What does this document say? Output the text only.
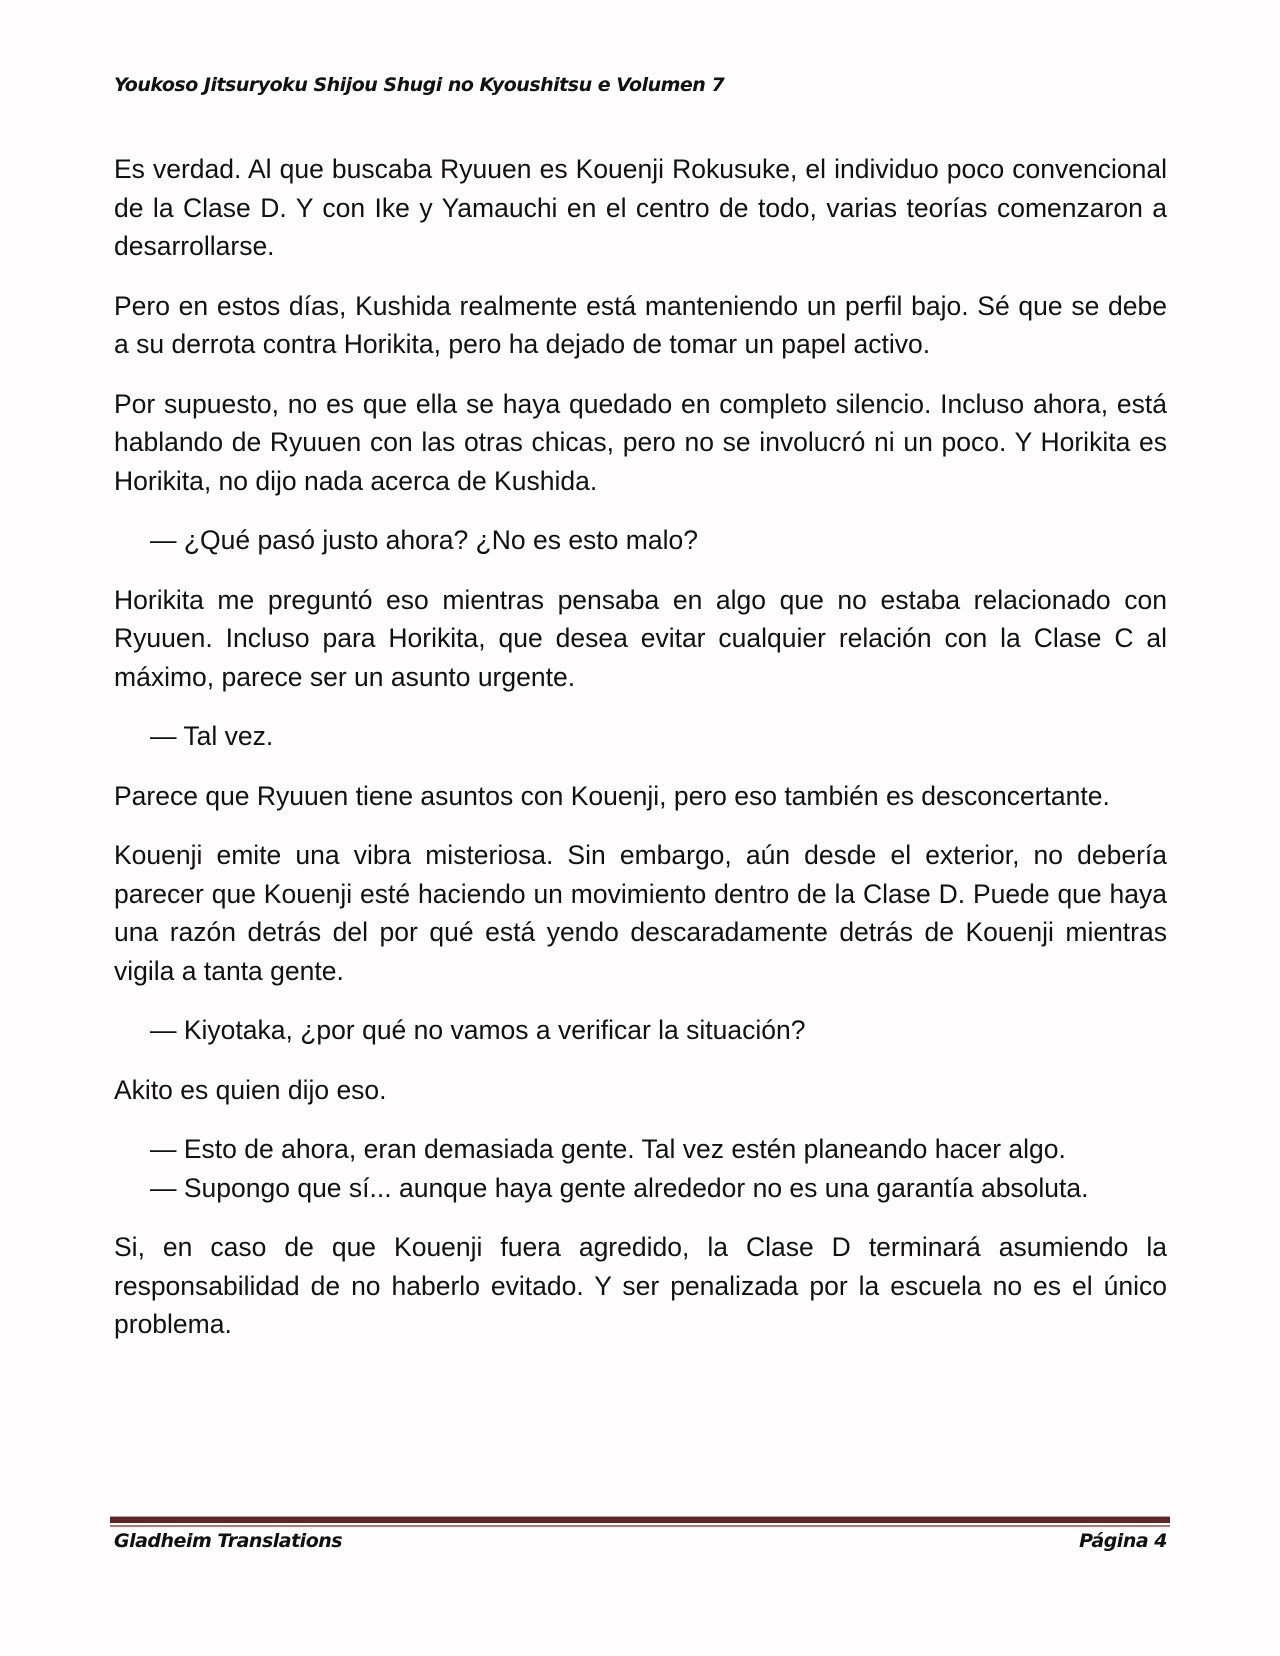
Youkoso Jitsuryoku Shijou Shugi no Kyoushitsu e Volumen 7

Es verdad. Al que buscaba Ryuuen es Kouenji Rokusuke, el individuo poco convencional de la Clase D. Y con Ike y Yamauchi en el centro de todo, varias teorías comenzaron a desarrollarse.

Pero en estos días, Kushida realmente está manteniendo un perfil bajo. Sé que se debe a su derrota contra Horikita, pero ha dejado de tomar un papel activo.

Por supuesto, no es que ella se haya quedado en completo silencio. Incluso ahora, está hablando de Ryuuen con las otras chicas, pero no se involucró ni un poco. Y Horikita es Horikita, no dijo nada acerca de Kushida.

— ¿Qué pasó justo ahora? ¿No es esto malo?

Horikita me preguntó eso mientras pensaba en algo que no estaba relacionado con Ryuuen. Incluso para Horikita, que desea evitar cualquier relación con la Clase C al máximo, parece ser un asunto urgente.

— Tal vez.

Parece que Ryuuen tiene asuntos con Kouenji, pero eso también es desconcertante.

Kouenji emite una vibra misteriosa. Sin embargo, aún desde el exterior, no debería parecer que Kouenji esté haciendo un movimiento dentro de la Clase D. Puede que haya una razón detrás del por qué está yendo descaradamente detrás de Kouenji mientras vigila a tanta gente.

— Kiyotaka, ¿por qué no vamos a verificar la situación?

Akito es quien dijo eso.

— Esto de ahora, eran demasiada gente. Tal vez estén planeando hacer algo.

— Supongo que sí... aunque haya gente alrededor no es una garantía absoluta.

Si, en caso de que Kouenji fuera agredido, la Clase D terminará asumiendo la responsabilidad de no haberlo evitado. Y ser penalizada por la escuela no es el único problema.

Gladheim Translations	Página 4
